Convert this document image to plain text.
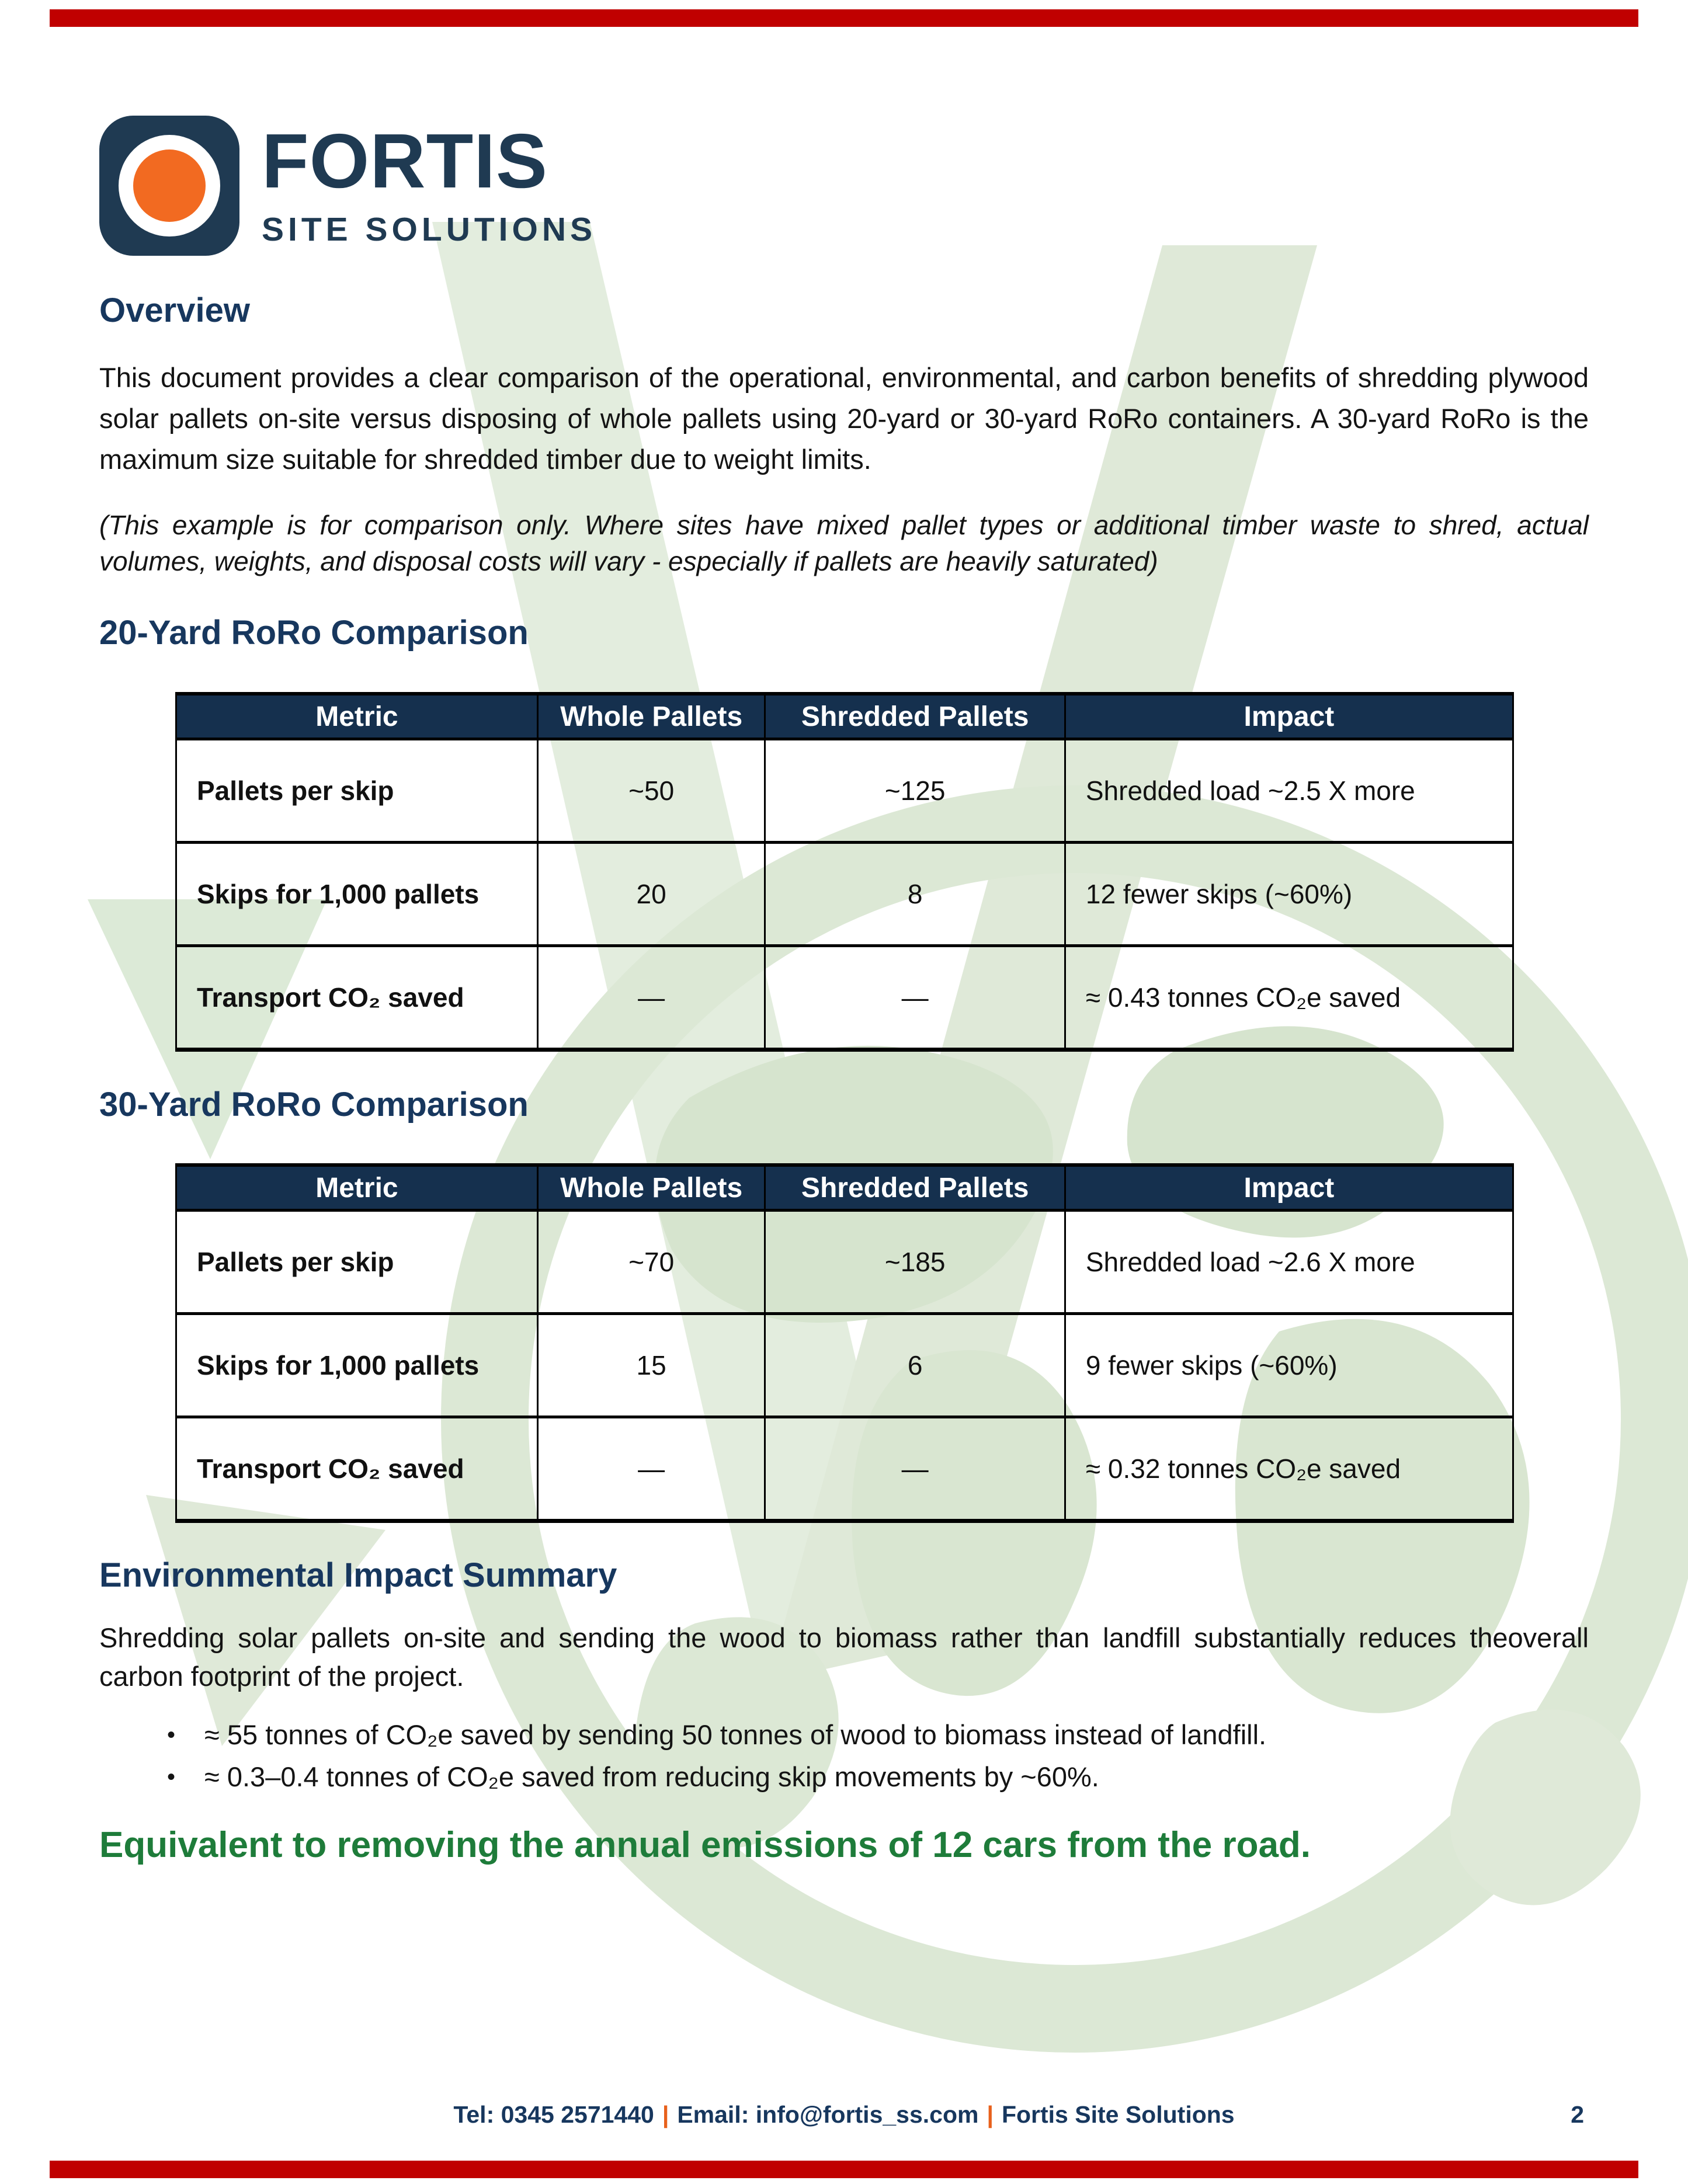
FORTIS
SITE SOLUTIONS
Overview
This document provides a clear comparison of the operational, environmental, and carbon benefits of shredding plywood solar pallets on-site versus disposing of whole pallets using 20-yard or 30-yard RoRo containers. A 30-yard RoRo is the maximum size suitable for shredded timber due to weight limits.
(This example is for comparison only. Where sites have mixed pallet types or additional timber waste to shred, actual volumes, weights, and disposal costs will vary - especially if pallets are heavily saturated)
20-Yard RoRo Comparison
Metric	Whole Pallets	Shredded Pallets	Impact
Pallets per skip	~50	~125	Shredded load ~2.5 X more
Skips for 1,000 pallets	20	8	12 fewer skips (~60%)
Transport CO₂ saved	—	—	≈ 0.43 tonnes CO₂e saved
30-Yard RoRo Comparison
Metric	Whole Pallets	Shredded Pallets	Impact
Pallets per skip	~70	~185	Shredded load ~2.6 X more
Skips for 1,000 pallets	15	6	9 fewer skips (~60%)
Transport CO₂ saved	—	—	≈ 0.32 tonnes CO₂e saved
Environmental Impact Summary
Shredding solar pallets on-site and sending the wood to biomass rather than landfill substantially reduces theoverall carbon footprint of the project.
•	≈ 55 tonnes of CO₂e saved by sending 50 tonnes of wood to biomass instead of landfill.
•	≈ 0.3–0.4 tonnes of CO₂e saved from reducing skip movements by ~60%.
Equivalent to removing the annual emissions of 12 cars from the road.
Tel: 0345 2571440 | Email: info@fortis_ss.com | Fortis Site Solutions	2
